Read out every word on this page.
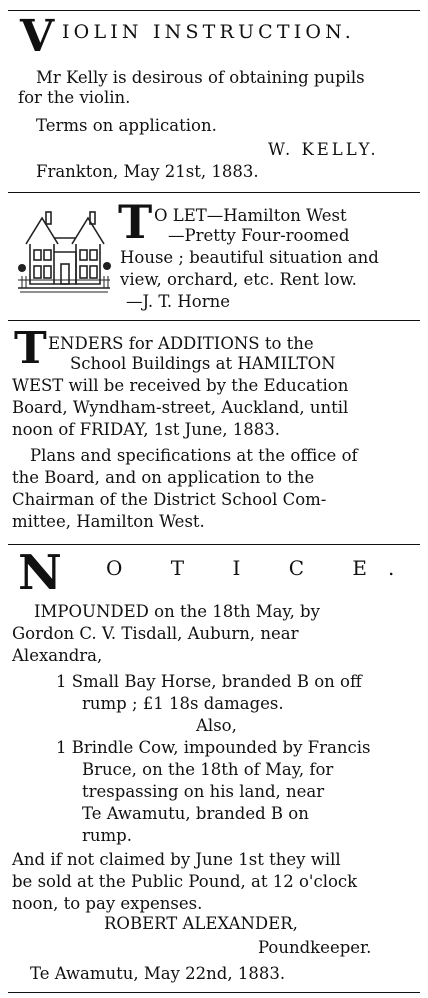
V IOLIN INSTRUCTION.
Mr Kelly is desirous of obtaining pupils
for the violin.
Terms on application.
W. KELLY.
Frankton, May 21st, 1883.
T O LET—Hamilton West
—Pretty Four-roomed
House ; beautiful situation and
view, orchard, etc. Rent low.
—J. T. Horne
T ENDERS for ADDITIONS to the
School Buildings at HAMILTON
WEST will be received by the Education
Board, Wyndham-street, Auckland, until
noon of FRIDAY, 1st June, 1883.
Plans and specifications at the office of
the Board, and on application to the
Chairman of the District School Com-
mittee, Hamilton West.
N O T I C E.
IMPOUNDED on the 18th May, by
Gordon C. V. Tisdall, Auburn, near
Alexandra,
1 Small Bay Horse, branded B on off
rump ; £1 18s damages.
Also,
1 Brindle Cow, impounded by Francis
Bruce, on the 18th of May, for
trespassing on his land, near
Te Awamutu, branded B on
rump.
And if not claimed by June 1st they will
be sold at the Public Pound, at 12 o'clock
noon, to pay expenses.
ROBERT ALEXANDER,
Poundkeeper.
Te Awamutu, May 22nd, 1883.
